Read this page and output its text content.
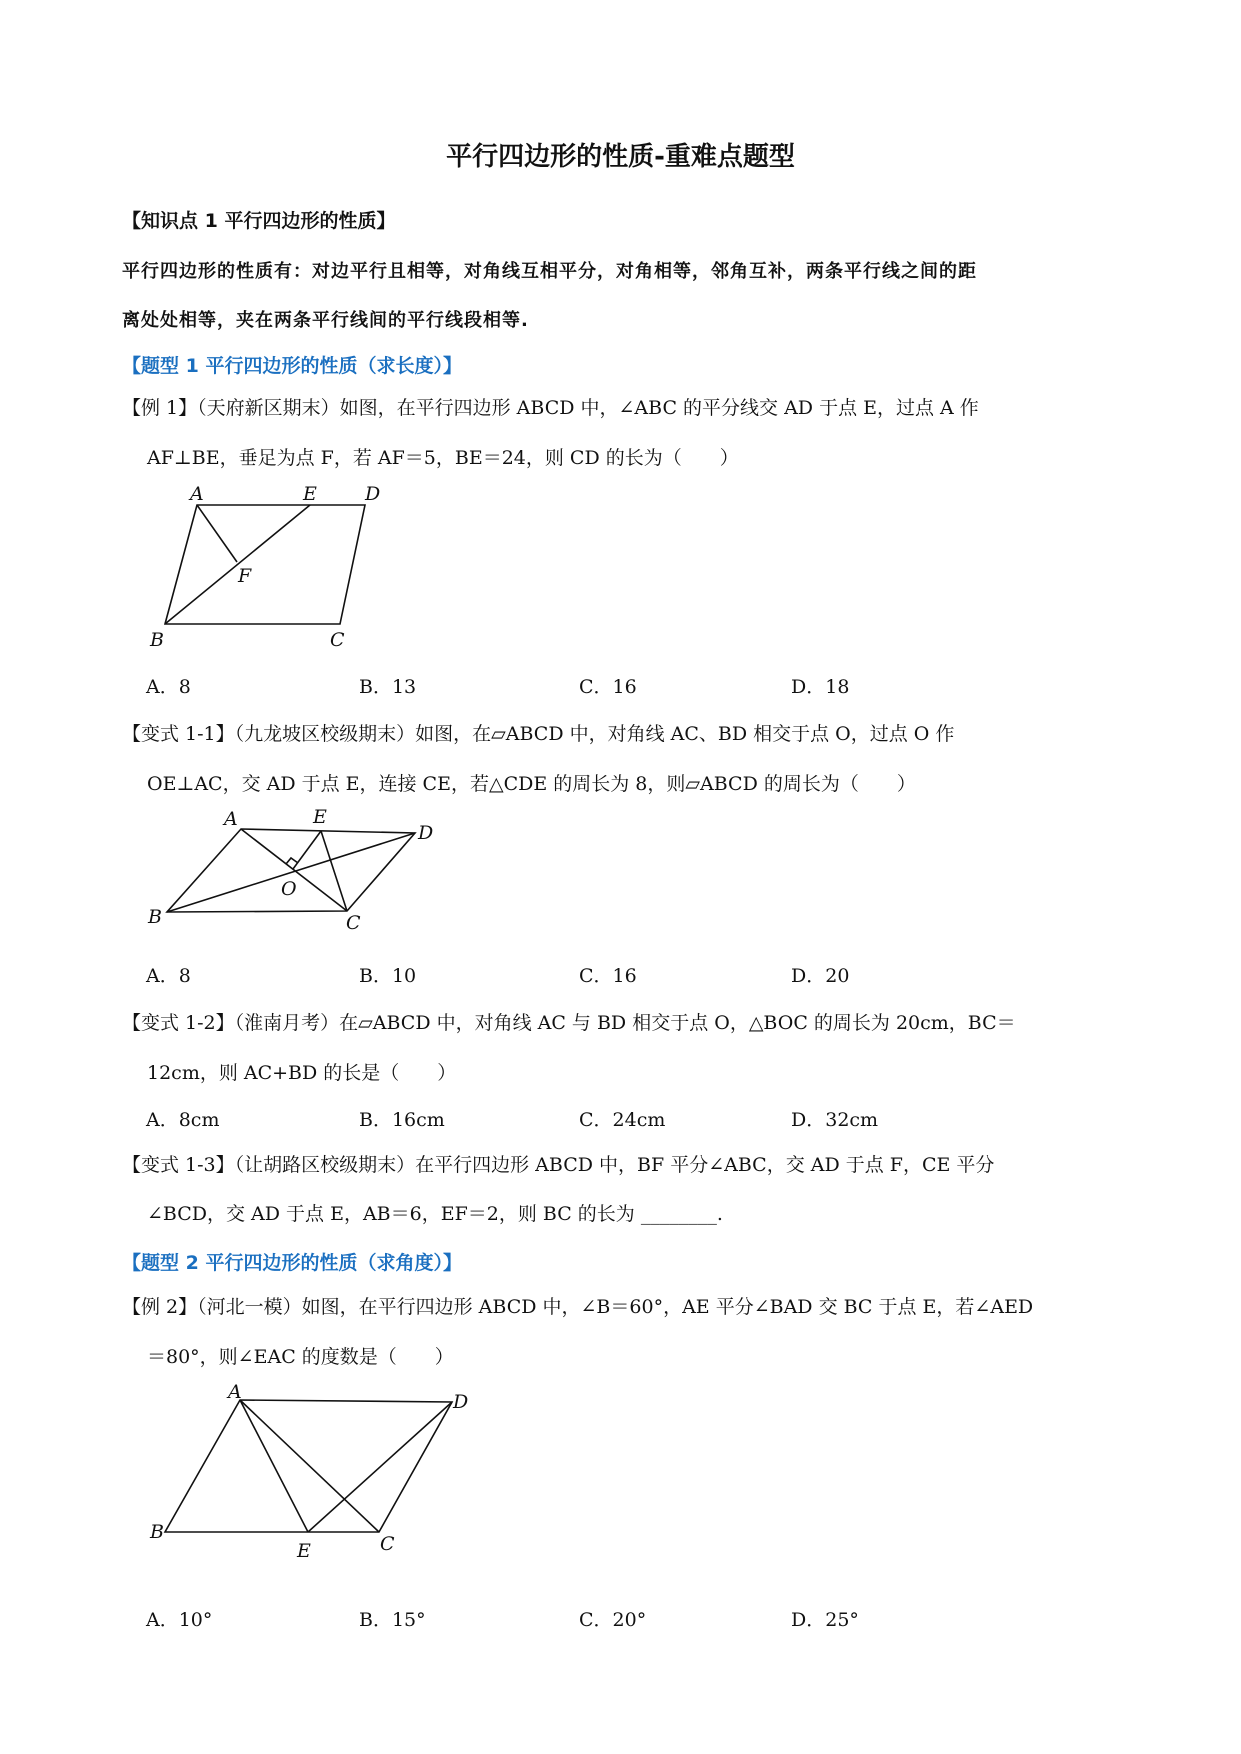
平行四边形的性质-重难点题型
【知识点 1 平行四边形的性质】
平行四边形的性质有：对边平行且相等，对角线互相平分，对角相等，邻角互补，两条平行线之间的距
离处处相等，夹在两条平行线间的平行线段相等.
【题型 1 平行四边形的性质（求长度）】
【例 1】（天府新区期末）如图，在平行四边形 ABCD 中，∠ABC 的平分线交 AD 于点 E，过点 A 作
AF⊥BE，垂足为点 F，若 AF＝5，BE＝24，则 CD 的长为（　　）
A	E	D
F
B	C
A．8	B．13	C．16	D．18
【变式 1-1】（九龙坡区校级期末）如图，在▱ABCD 中，对角线 AC、BD 相交于点 O，过点 O 作
OE⊥AC，交 AD 于点 E，连接 CE，若△CDE 的周长为 8，则▱ABCD 的周长为（　　）
A	E
D
O
B	C
A．8	B．10	C．16	D．20
【变式 1-2】（淮南月考）在▱ABCD 中，对角线 AC 与 BD 相交于点 O，△BOC 的周长为 20cm，BC＝
12cm，则 AC+BD 的长是（　　）
A．8cm	B．16cm	C．24cm	D．32cm
【变式 1-3】（让胡路区校级期末）在平行四边形 ABCD 中，BF 平分∠ABC，交 AD 于点 F，CE 平分
∠BCD，交 AD 于点 E，AB＝6，EF＝2，则 BC 的长为 ________.
【题型 2 平行四边形的性质（求角度）】
【例 2】（河北一模）如图，在平行四边形 ABCD 中，∠B＝60°，AE 平分∠BAD 交 BC 于点 E，若∠AED
＝80°，则∠EAC 的度数是（　　）
A	D
B
E	C
A．10°	B．15°	C．20°	D．25°
